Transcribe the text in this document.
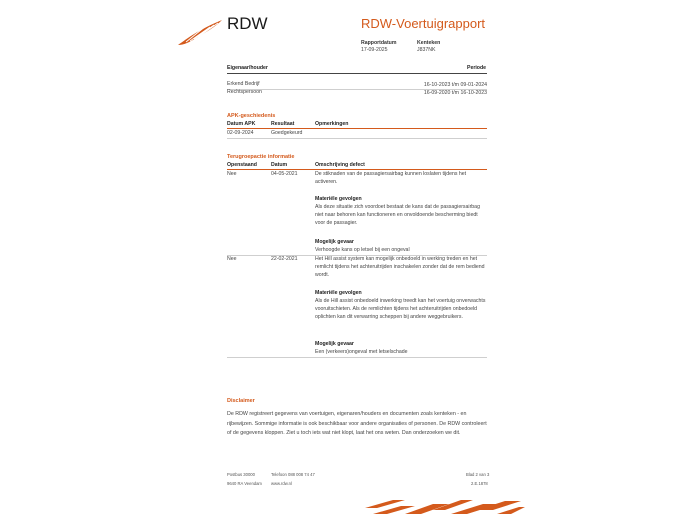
RDW	RDW-Voertuigrapport
Rapportdatum
17-09-2025
Kenteken
J837NK
Eigenaar/houder	Periode
Erkend Bedrijf	16-10-2023 t/m 09-01-2024
Rechtspersoon	16-09-2020 t/m 16-10-2023
APK-geschiedenis
Datum APK	Resultaat	Opmerkingen
02-09-2024	Goedgekeurd
Terugroepactie informatie
Openstaand	Datum	Omschrijving defect
Nee	04-05-2021	De stiknaden van de passagiersairbag kunnen loslaten tijdens het activeren.
Materiële gevolgen
Als deze situatie zich voordoet bestaat de kans dat de passagiersairbag niet naar behoren kan functioneren en onvoldoende bescherming biedt voor de passagier.
Mogelijk gevaar
Verhoogde kans op letsel bij een ongeval
Nee	22-02-2021	Het Hill assist system kan mogelijk onbedoeld in werking treden en het remlicht tijdens het achteruitrijden inschakelen zonder dat de rem bediend wordt.
Materiële gevolgen
Als de Hill assist onbedoeld inwerking treedt kan het voertuig onverwachts vooruitschieten. Als de remlichten tijdens het achteruitrijden onbedoeld oplichten kan dit verwarring scheppen bij andere weggebruikers.
Mogelijk gevaar
Een (verkeers)ongeval met letselschade
Disclaimer
De RDW registreert gegevens van voertuigen, eigenaren/houders en documenten zoals kenteken - en rijbewijzen. Sommige informatie is ook beschikbaar voor andere organisaties of personen. De RDW controleert of de gegevens kloppen. Ziet u toch iets wat niet klopt, laat het ons weten. Dan onderzoeken we dit.
Postbus 30000
9640 RA Veendam
Telefoon 088 008 74 47
www.rdw.nl
Blad 2 van 3
2.E.1878
